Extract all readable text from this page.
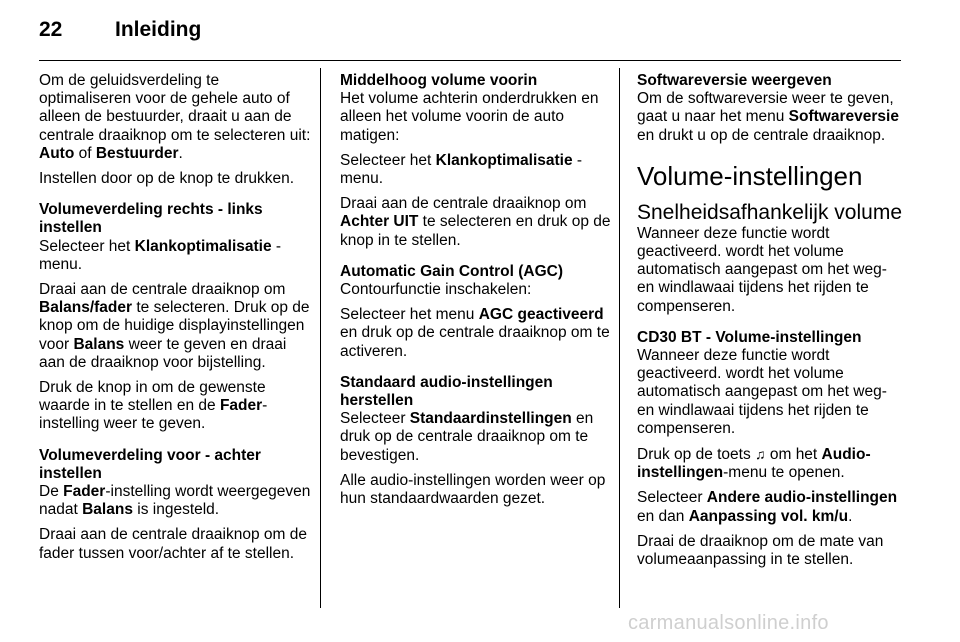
22	Inleiding

Om de geluidsverdeling te optimaliseren voor de gehele auto of alleen de bestuurder, draait u aan de centrale draaiknop om te selecteren uit: Auto of Bestuurder.

Instellen door op de knop te drukken.

Volumeverdeling rechts - links instellen

Selecteer het Klankoptimalisatie - menu.

Draai aan de centrale draaiknop om Balans/fader te selecteren. Druk op de knop om de huidige displayinstellingen voor Balans weer te geven en draai aan de draaiknop voor bijstelling.

Druk de knop in om de gewenste waarde in te stellen en de Fader-instelling weer te geven.

Volumeverdeling voor - achter instellen

De Fader-instelling wordt weergegeven nadat Balans is ingesteld.

Draai aan de centrale draaiknop om de fader tussen voor/achter af te stellen.

Middelhoog volume voorin

Het volume achterin onderdrukken en alleen het volume voorin de auto matigen:

Selecteer het Klankoptimalisatie - menu.

Draai aan de centrale draaiknop om Achter UIT te selecteren en druk op de knop in te stellen.

Automatic Gain Control (AGC)

Contourfunctie inschakelen:

Selecteer het menu AGC geactiveerd en druk op de centrale draaiknop om te activeren.

Standaard audio-instellingen herstellen

Selecteer Standaardinstellingen en druk op de centrale draaiknop om te bevestigen.

Alle audio-instellingen worden weer op hun standaardwaarden gezet.

Softwareversie weergeven

Om de softwareversie weer te geven, gaat u naar het menu Softwareversie en drukt u op de centrale draaiknop.

Volume-instellingen
Snelheidsafhankelijk volume

Wanneer deze functie wordt geactiveerd. wordt het volume automatisch aangepast om het weg- en windlawaai tijdens het rijden te compenseren.

CD30 BT - Volume-instellingen

Wanneer deze functie wordt geactiveerd. wordt het volume automatisch aangepast om het weg- en windlawaai tijdens het rijden te compenseren.

Druk op de toets ♫ om het Audio-instellingen-menu te openen.

Selecteer Andere audio-instellingen en dan Aanpassing vol. km/u.

Draai de draaiknop om de mate van volumeaanpassing in te stellen.

carmanualsonline.info
